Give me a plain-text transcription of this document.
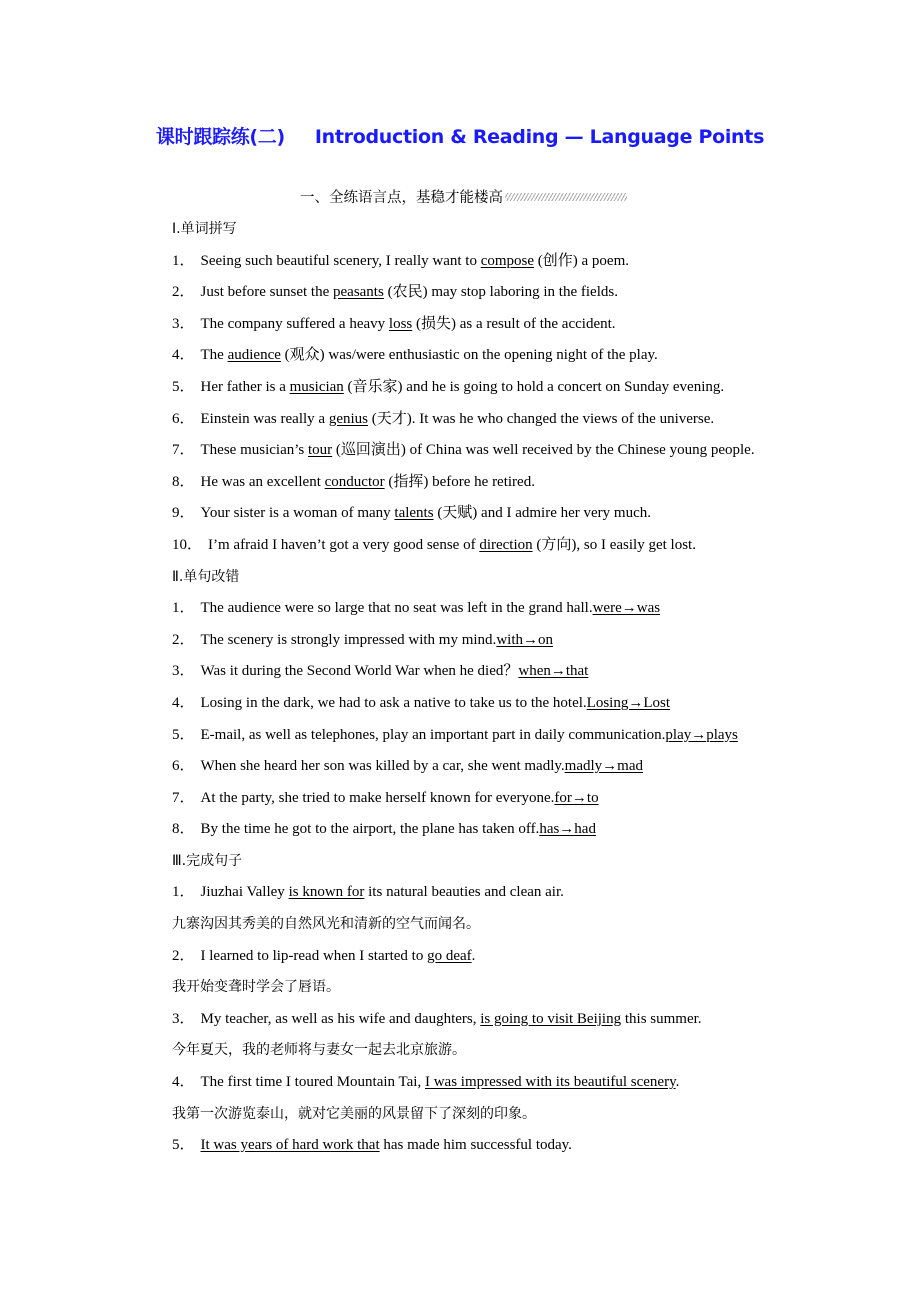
课时跟踪练(二) Introduction & Reading — Language Points
一、全练语言点，基稳才能楼高
Ⅰ.单词拼写
1． Seeing such beautiful scenery, I really want to compose (创作) a poem.
2． Just before sunset the peasants (农民) may stop laboring in the fields.
3． The company suffered a heavy loss (损失) as a result of the accident.
4． The audience (观众) was/were enthusiastic on the opening night of the play.
5． Her father is a musician (音乐家) and he is going to hold a concert on Sunday evening.
6． Einstein was really a genius (天才). It was he who changed the views of the universe.
7． These musician’s tour (巡回演出) of China was well received by the Chinese young people.
8． He was an excellent conductor (指挥) before he retired.
9． Your sister is a woman of many talents (天赋) and I admire her very much.
10． I’m afraid I haven’t got a very good sense of direction (方向), so I easily get lost.
Ⅱ.单句改错
1． The audience were so large that no seat was left in the grand hall.were→was
2． The scenery is strongly impressed with my mind.with→on
3． Was it during the Second World War when he died？when→that
4． Losing in the dark, we had to ask a native to take us to the hotel.Losing→Lost
5． E-mail, as well as telephones, play an important part in daily communication.play→plays
6． When she heard her son was killed by a car, she went madly.madly→mad
7． At the party, she tried to make herself known for everyone.for→to
8． By the time he got to the airport, the plane has taken off.has→had
Ⅲ.完成句子
1． Jiuzhai Valley is known for its natural beauties and clean air.
九寨沟因其秀美的自然风光和清新的空气而闻名。
2． I learned to lip-read when I started to go deaf.
我开始变聋时学会了唇语。
3． My teacher, as well as his wife and daughters, is going to visit Beijing this summer.
今年夏天，我的老师将与妻女一起去北京旅游。
4． The first time I toured Mountain Tai, I was impressed with its beautiful scenery.
我第一次游览泰山，就对它美丽的风景留下了深刻的印象。
5． It was years of hard work that has made him successful today.
